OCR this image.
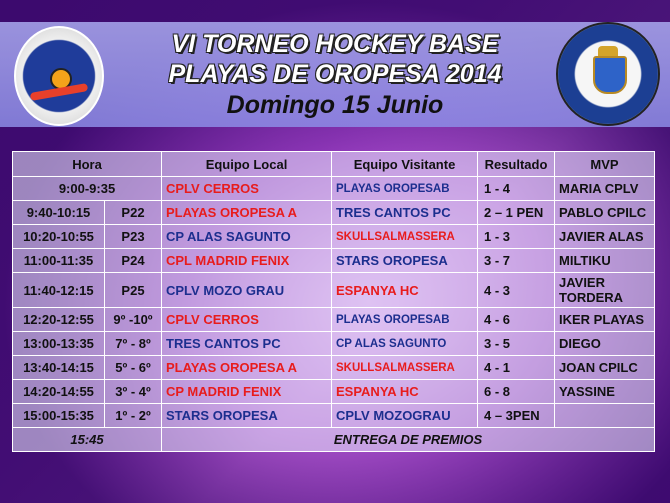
VI TORNEO HOCKEY BASE
PLAYAS DE OROPESA 2014
Domingo 15 Junio
Hora		Equipo Local	Equipo Visitante	Resultado	MVP
9:00-9:35		CPLV CERROS	PLAYAS OROPESAB	1 - 4	MARIA CPLV
9:40-10:15	P22	PLAYAS OROPESA A	TRES CANTOS PC	2 – 1 PEN	PABLO CPILC
10:20-10:55	P23	CP ALAS SAGUNTO	SKULLSALMASSERA	1 - 3	JAVIER ALAS
11:00-11:35	P24	CPL MADRID FENIX	STARS OROPESA	3 - 7	MILTIKU
11:40-12:15	P25	CPLV MOZO GRAU	ESPANYA HC	4 - 3	JAVIER TORDERA
12:20-12:55	9º -10º	CPLV CERROS	PLAYAS OROPESAB	4 - 6	IKER PLAYAS
13:00-13:35	7º - 8º	TRES CANTOS PC	CP ALAS SAGUNTO	3 - 5	DIEGO
13:40-14:15	5º - 6º	PLAYAS OROPESA A	SKULLSALMASSERA	4 - 1	JOAN CPILC
14:20-14:55	3º - 4º	CP MADRID FENIX	ESPANYA HC	6 - 8	YASSINE
15:00-15:35	1º - 2º	STARS OROPESA	CPLV MOZOGRAU	4 – 3PEN	
15:45		ENTREGA DE PREMIOS			
